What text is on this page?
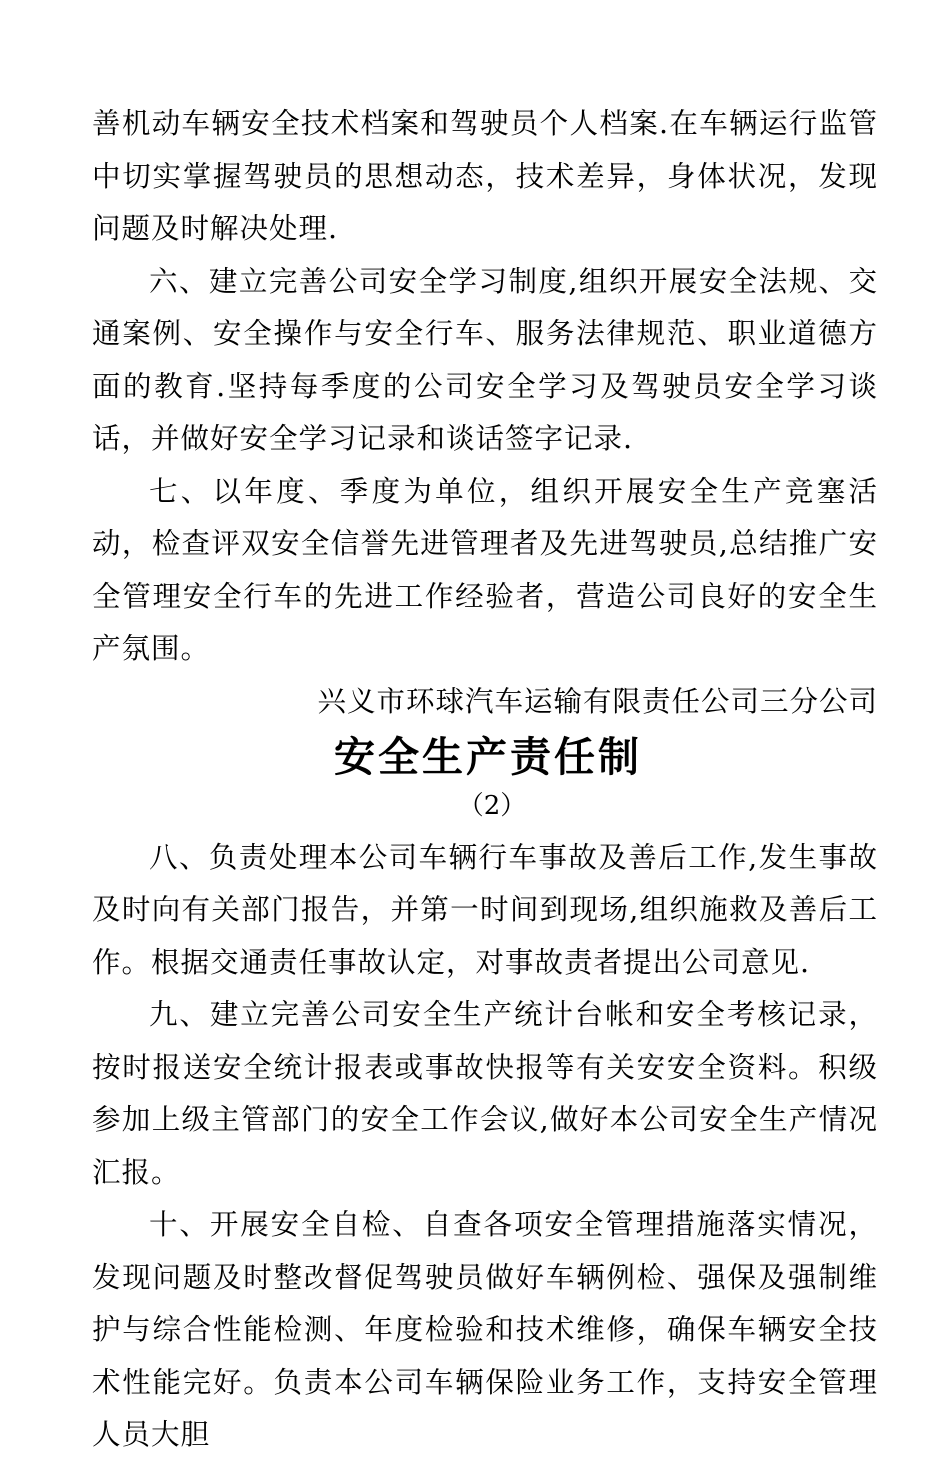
善机动车辆安全技术档案和驾驶员个人档案.在车辆运行监管中切实掌握驾驶员的思想动态，技术差异，身体状况，发现问题及时解决处理.

六、建立完善公司安全学习制度,组织开展安全法规、交通案例、安全操作与安全行车、服务法律规范、职业道德方面的教育.坚持每季度的公司安全学习及驾驶员安全学习谈话，并做好安全学习记录和谈话签字记录.

七、以年度、季度为单位，组织开展安全生产竞塞活动，检查评双安全信誉先进管理者及先进驾驶员,总结推广安全管理安全行车的先进工作经验者，营造公司良好的安全生产氛围。

兴义市环球汽车运输有限责任公司三分公司

安全生产责任制

（2）

八、负责处理本公司车辆行车事故及善后工作,发生事故及时向有关部门报告，并第一时间到现场,组织施救及善后工作。根据交通责任事故认定，对事故责者提出公司意见.

九、建立完善公司安全生产统计台帐和安全考核记录，按时报送安全统计报表或事故快报等有关安安全资料。积级参加上级主管部门的安全工作会议,做好本公司安全生产情况汇报。

十、开展安全自检、自查各项安全管理措施落实情况，发现问题及时整改督促驾驶员做好车辆例检、强保及强制维护与综合性能检测、年度检验和技术维修，确保车辆安全技术性能完好。负责本公司车辆保险业务工作，支持安全管理人员大胆
